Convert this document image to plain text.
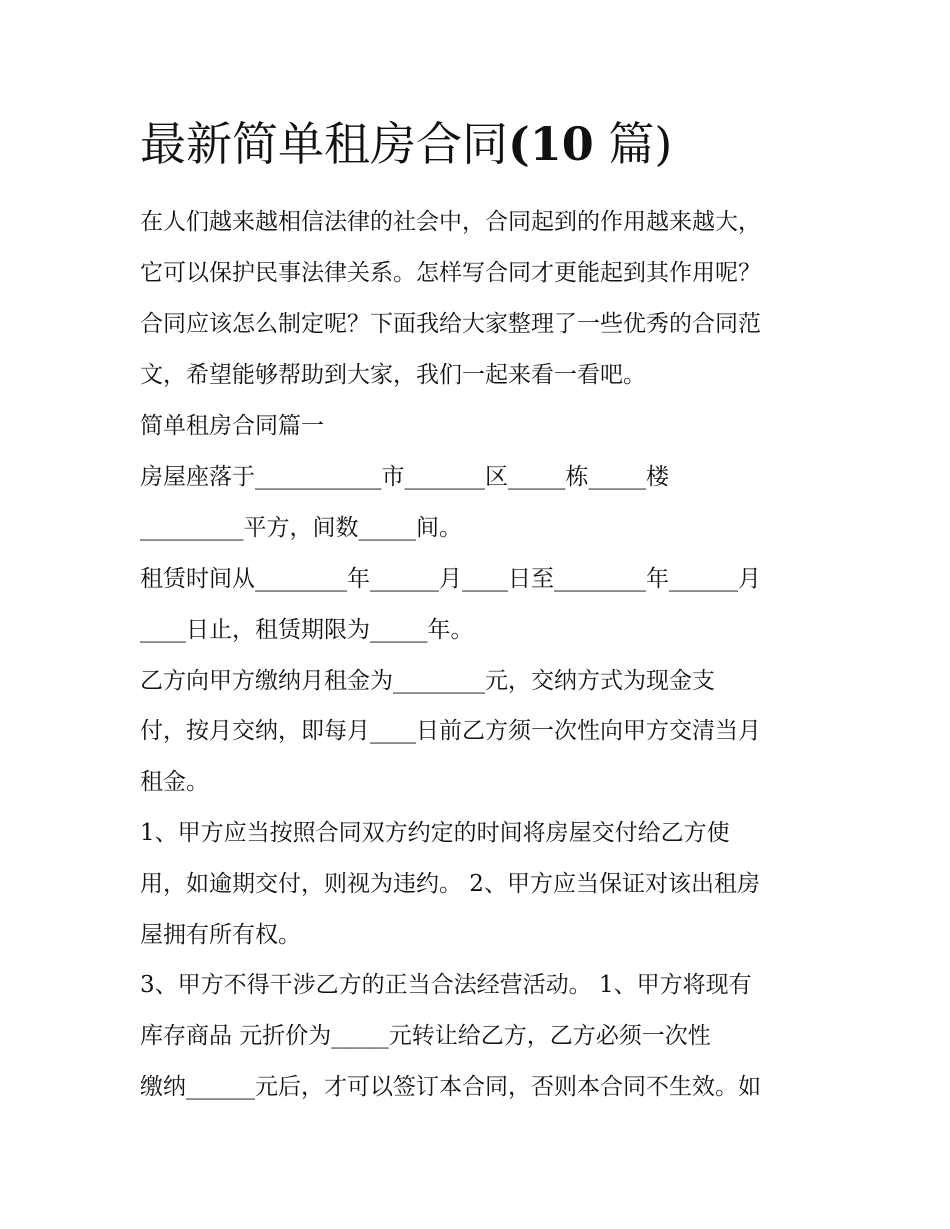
最新简单租房合同(10 篇)

在人们越来越相信法律的社会中，合同起到的作用越来越大，

它可以保护民事法律关系。怎样写合同才更能起到其作用呢？

合同应该怎么制定呢？下面我给大家整理了一些优秀的合同范

文，希望能够帮助到大家，我们一起来看一看吧。

简单租房合同篇一

房屋座落于___________市_______区_____栋_____楼

_________平方，间数_____间。

租赁时间从________年______月____日至________年______月

____日止，租赁期限为_____年。

乙方向甲方缴纳月租金为________元，交纳方式为现金支

付，按月交纳，即每月____日前乙方须一次性向甲方交清当月

租金。

1、甲方应当按照合同双方约定的时间将房屋交付给乙方使

用，如逾期交付，则视为违约。 2、甲方应当保证对该出租房

屋拥有所有权。

3、甲方不得干涉乙方的正当合法经营活动。 1、甲方将现有

库存商品 元折价为_____元转让给乙方，乙方必须一次性

缴纳______元后，才可以签订本合同，否则本合同不生效。如
